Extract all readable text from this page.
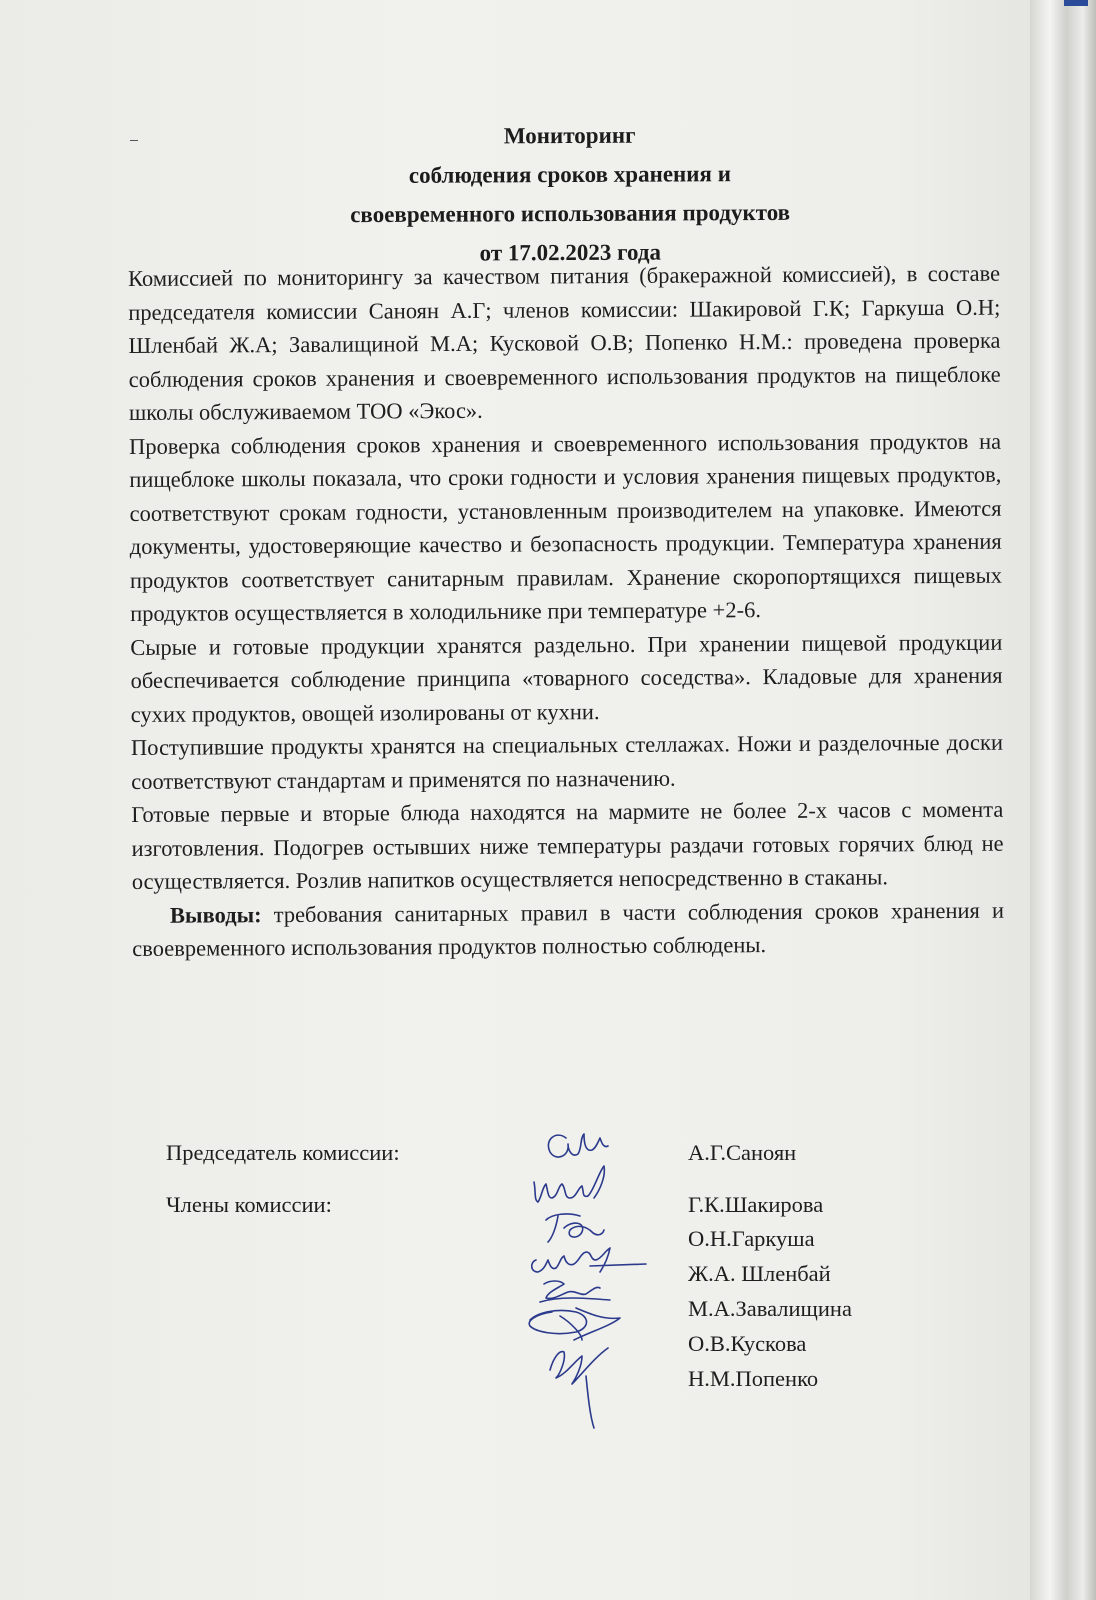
Мониторинг
соблюдения сроков хранения и
своевременного использования продуктов
от 17.02.2023 года

Комиссией по мониторингу за качеством питания (бракеражной комиссией), в составе председателя комиссии Саноян А.Г; членов комиссии: Шакировой Г.К; Гаркуша О.Н; Шленбай Ж.А; Завалищиной М.А; Кусковой О.В; Попенко Н.М.: проведена проверка соблюдения сроков хранения и своевременного использования продуктов на пищеблоке школы обслуживаемом ТОО «Экос».

Проверка соблюдения сроков хранения и своевременного использования продуктов на пищеблоке школы показала, что сроки годности и условия хранения пищевых продуктов, соответствуют срокам годности, установленным производителем на упаковке. Имеются документы, удостоверяющие качество и безопасность продукции. Температура хранения продуктов соответствует санитарным правилам. Хранение скоропортящихся пищевых продуктов осуществляется в холодильнике при температуре +2-6.

Сырые и готовые продукции хранятся раздельно. При хранении пищевой продукции обеспечивается соблюдение принципа «товарного соседства». Кладовые для хранения сухих продуктов, овощей изолированы от кухни.

Поступившие продукты хранятся на специальных стеллажах. Ножи и разделочные доски соответствуют стандартам и применятся по назначению.

Готовые первые и вторые блюда находятся на мармите не более 2-х часов с момента изготовления. Подогрев остывших ниже температуры раздачи готовых горячих блюд не осуществляется. Розлив напитков осуществляется непосредственно в стаканы.

Выводы: требования санитарных правил в части соблюдения сроков хранения и своевременного использования продуктов полностью соблюдены.

Председатель комиссии:	А.Г.Саноян
Члены комиссии:	Г.К.Шакирова
О.Н.Гаркуша
Ж.А. Шленбай
М.А.Завалищина
О.В.Кускова
Н.М.Попенко
